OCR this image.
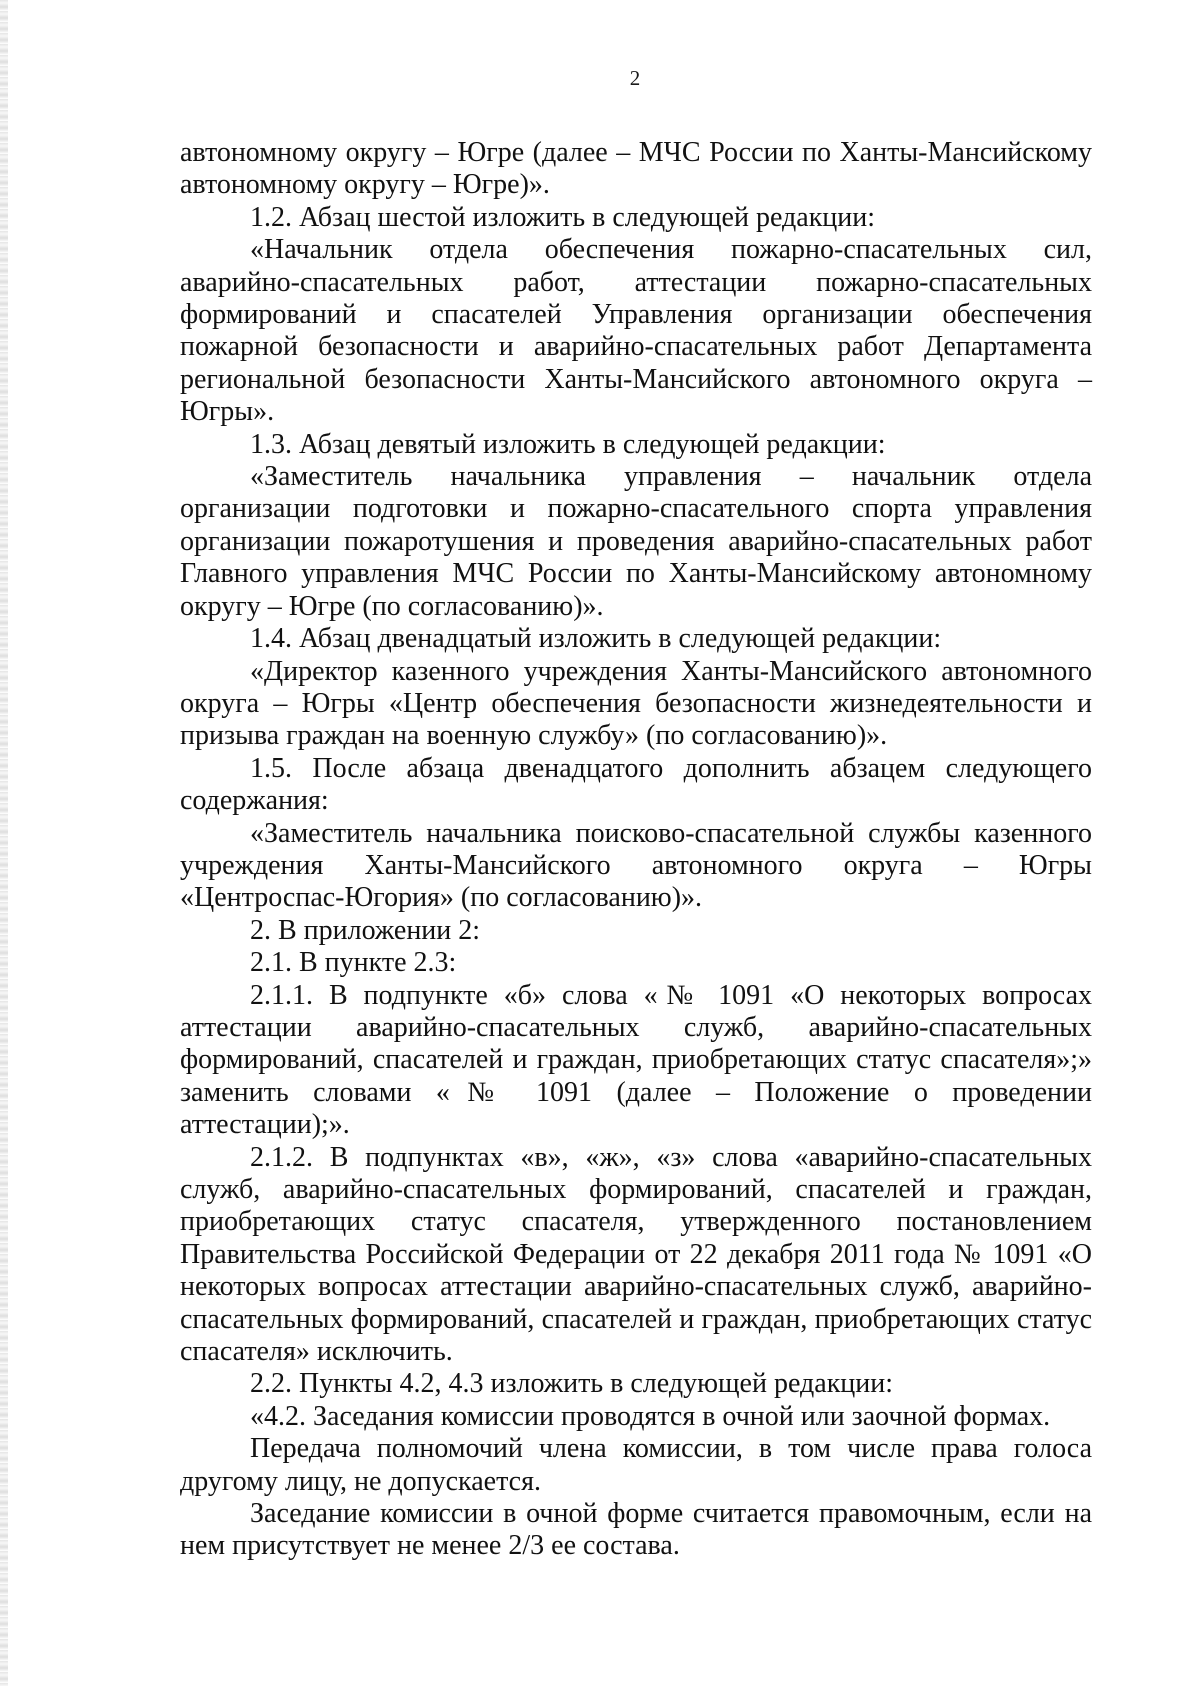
2

автономному округу – Югре (далее – МЧС России по Ханты-Мансийскому автономному округу – Югре)».

1.2. Абзац шестой изложить в следующей редакции:

«Начальник отдела обеспечения пожарно-спасательных сил, аварийно-спасательных работ, аттестации пожарно-спасательных формирований и спасателей Управления организации обеспечения пожарной безопасности и аварийно-спасательных работ Департамента региональной безопасности Ханты-Мансийского автономного округа – Югры».

1.3. Абзац девятый изложить в следующей редакции:

«Заместитель начальника управления – начальник отдела организации подготовки и пожарно-спасательного спорта управления организации пожаротушения и проведения аварийно-спасательных работ Главного управления МЧС России по Ханты-Мансийскому автономному округу – Югре (по согласованию)».

1.4. Абзац двенадцатый изложить в следующей редакции:

«Директор казенного учреждения Ханты-Мансийского автономного округа – Югры «Центр обеспечения безопасности жизнедеятельности и призыва граждан на военную службу» (по согласованию)».

1.5. После абзаца двенадцатого дополнить абзацем следующего содержания:

«Заместитель начальника поисково-спасательной службы казенного учреждения Ханты-Мансийского автономного округа – Югры «Центроспас-Югория» (по согласованию)».

2. В приложении 2:

2.1. В пункте 2.3:

2.1.1. В подпункте «б» слова «№ 1091 «О некоторых вопросах аттестации аварийно-спасательных служб, аварийно-спасательных формирований, спасателей и граждан, приобретающих статус спасателя»;» заменить словами «№ 1091 (далее – Положение о проведении аттестации);».

2.1.2. В подпунктах «в», «ж», «з» слова «аварийно-спасательных служб, аварийно-спасательных формирований, спасателей и граждан, приобретающих статус спасателя, утвержденного постановлением Правительства Российской Федерации от 22 декабря 2011 года № 1091 «О некоторых вопросах аттестации аварийно-спасательных служб, аварийно-спасательных формирований, спасателей и граждан, приобретающих статус спасателя» исключить.

2.2. Пункты 4.2, 4.3 изложить в следующей редакции:

«4.2. Заседания комиссии проводятся в очной или заочной формах.

Передача полномочий члена комиссии, в том числе права голоса другому лицу, не допускается.

Заседание комиссии в очной форме считается правомочным, если на нем присутствует не менее 2/3 ее состава.
